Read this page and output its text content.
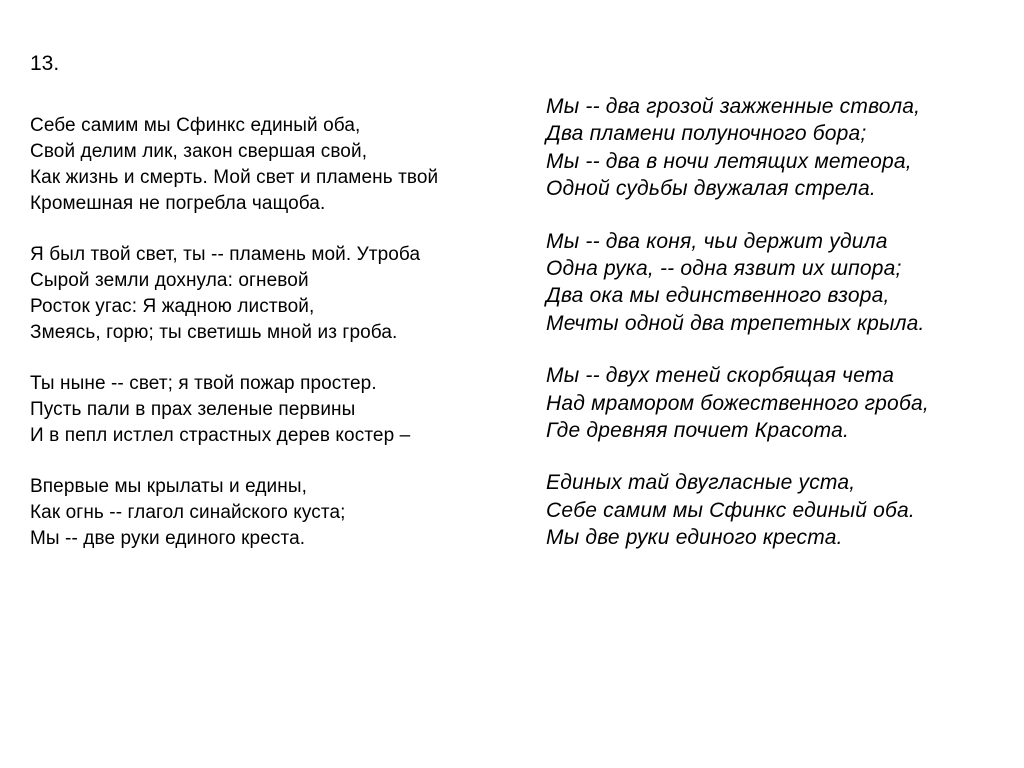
13.

Себе самим мы Сфинкс единый оба,
Свой делим лик, закон свершая свой,
Как жизнь и смерть. Мой свет и пламень твой
Кромешная не погребла чащоба.
Я был твой свет, ты -- пламень мой. Утроба
Сырой земли дохнула: огневой
Росток угас: Я жадною листвой,
Змеясь, горю; ты светишь мной из гроба.
Ты ныне -- свет; я твой пожар простер.
Пусть пали в прах зеленые первины
И в пепл истлел страстных дерев костер –
Впервые мы крылаты и едины,
Как огнь -- глагол синайского куста;
Мы -- две руки единого креста.
Мы -- два грозой зажженные ствола,
Два пламени полуночного бора;
Мы -- два в ночи летящих метеора,
Одной судьбы двужалая стрела.
Мы -- два коня, чьи держит удила
Одна рука, -- одна язвит их шпора;
Два ока мы единственного взора,
Мечты одной два трепетных крыла.
Мы -- двух теней скорбящая чета
Над мрамором божественного гроба,
Где древняя почиет Красота.
Единых тай двугласные уста,
Себе самим мы Сфинкс единый оба.
Мы две руки единого креста.
